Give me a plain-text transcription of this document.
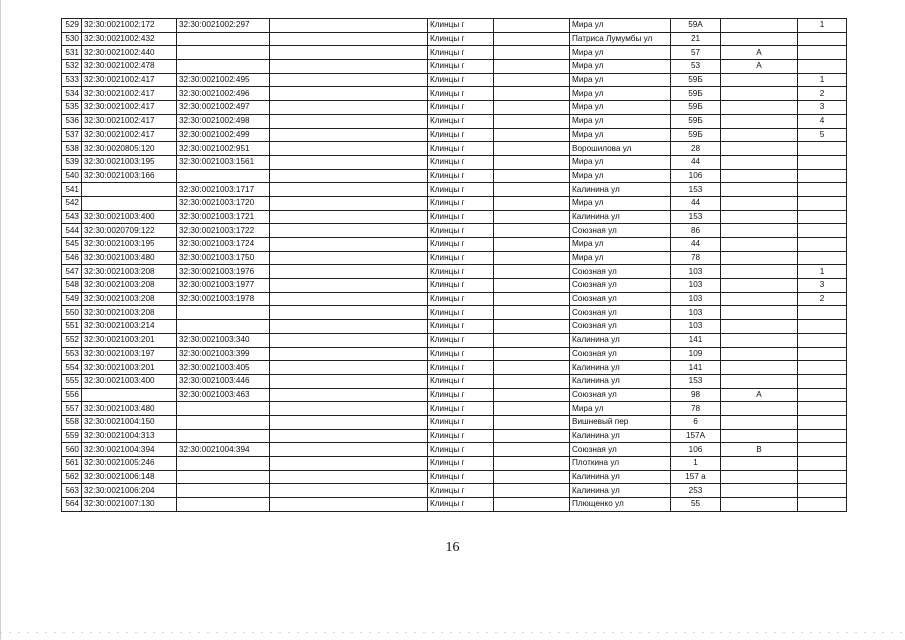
529	32:30:0021002:172	32:30:0021002:297		Клинцы г		Мира ул	59А		1
530	32:30:0021002:432			Клинцы г		Патриса Лумумбы ул	21		
531	32:30:0021002:440			Клинцы г		Мира ул	57	А	
532	32:30:0021002:478			Клинцы г		Мира ул	53	А	
533	32:30:0021002:417	32:30:0021002:495		Клинцы г		Мира ул	59Б		1
534	32:30:0021002:417	32:30:0021002:496		Клинцы г		Мира ул	59Б		2
535	32:30:0021002:417	32:30:0021002:497		Клинцы г		Мира ул	59Б		3
536	32:30:0021002:417	32:30:0021002:498		Клинцы г		Мира ул	59Б		4
537	32:30:0021002:417	32:30:0021002:499		Клинцы г		Мира ул	59Б		5
538	32:30:0020805:120	32:30:0021002:951		Клинцы г		Ворошилова ул	28		
539	32:30:0021003:195	32:30:0021003:1561		Клинцы г		Мира ул	44		
540	32:30:0021003:166			Клинцы г		Мира ул	106		
541		32:30:0021003:1717		Клинцы г		Калинина ул	153		
542		32:30:0021003:1720		Клинцы г		Мира ул	44		
543	32:30:0021003:400	32:30:0021003:1721		Клинцы г		Калинина ул	153		
544	32:30:0020709:122	32:30:0021003:1722		Клинцы г		Союзная ул	86		
545	32:30:0021003:195	32:30:0021003:1724		Клинцы г		Мира ул	44		
546	32:30:0021003:480	32:30:0021003:1750		Клинцы г		Мира ул	78		
547	32:30:0021003:208	32:30:0021003:1976		Клинцы г		Союзная ул	103		1
548	32:30:0021003:208	32:30:0021003:1977		Клинцы г		Союзная ул	103		3
549	32:30:0021003:208	32:30:0021003:1978		Клинцы г		Союзная ул	103		2
550	32:30:0021003:208			Клинцы г		Союзная ул	103		
551	32:30:0021003:214			Клинцы г		Союзная ул	103		
552	32:30:0021003:201	32:30:0021003:340		Клинцы г		Калинина ул	141		
553	32:30:0021003:197	32:30:0021003:399		Клинцы г		Союзная ул	109		
554	32:30:0021003:201	32:30:0021003:405		Клинцы г		Калинина ул	141		
555	32:30:0021003:400	32:30:0021003:446		Клинцы г		Калинина ул	153		
556		32:30:0021003:463		Клинцы г		Союзная ул	98	А	
557	32:30:0021003:480			Клинцы г		Мира ул	78		
558	32:30:0021004:150			Клинцы г		Вишневый пер	6		
559	32:30:0021004:313			Клинцы г		Калинина ул	157А		
560	32:30:0021004:394	32:30:0021004:394		Клинцы г		Союзная ул	106	В	
561	32:30:0021005:246			Клинцы г		Плоткина ул	1		
562	32:30:0021006:148			Клинцы г		Калинина ул	157 а		
563	32:30:0021006:204			Клинцы г		Калинина ул	253		
564	32:30:0021007:130			Клинцы г		Плющенко ул	55		
16
